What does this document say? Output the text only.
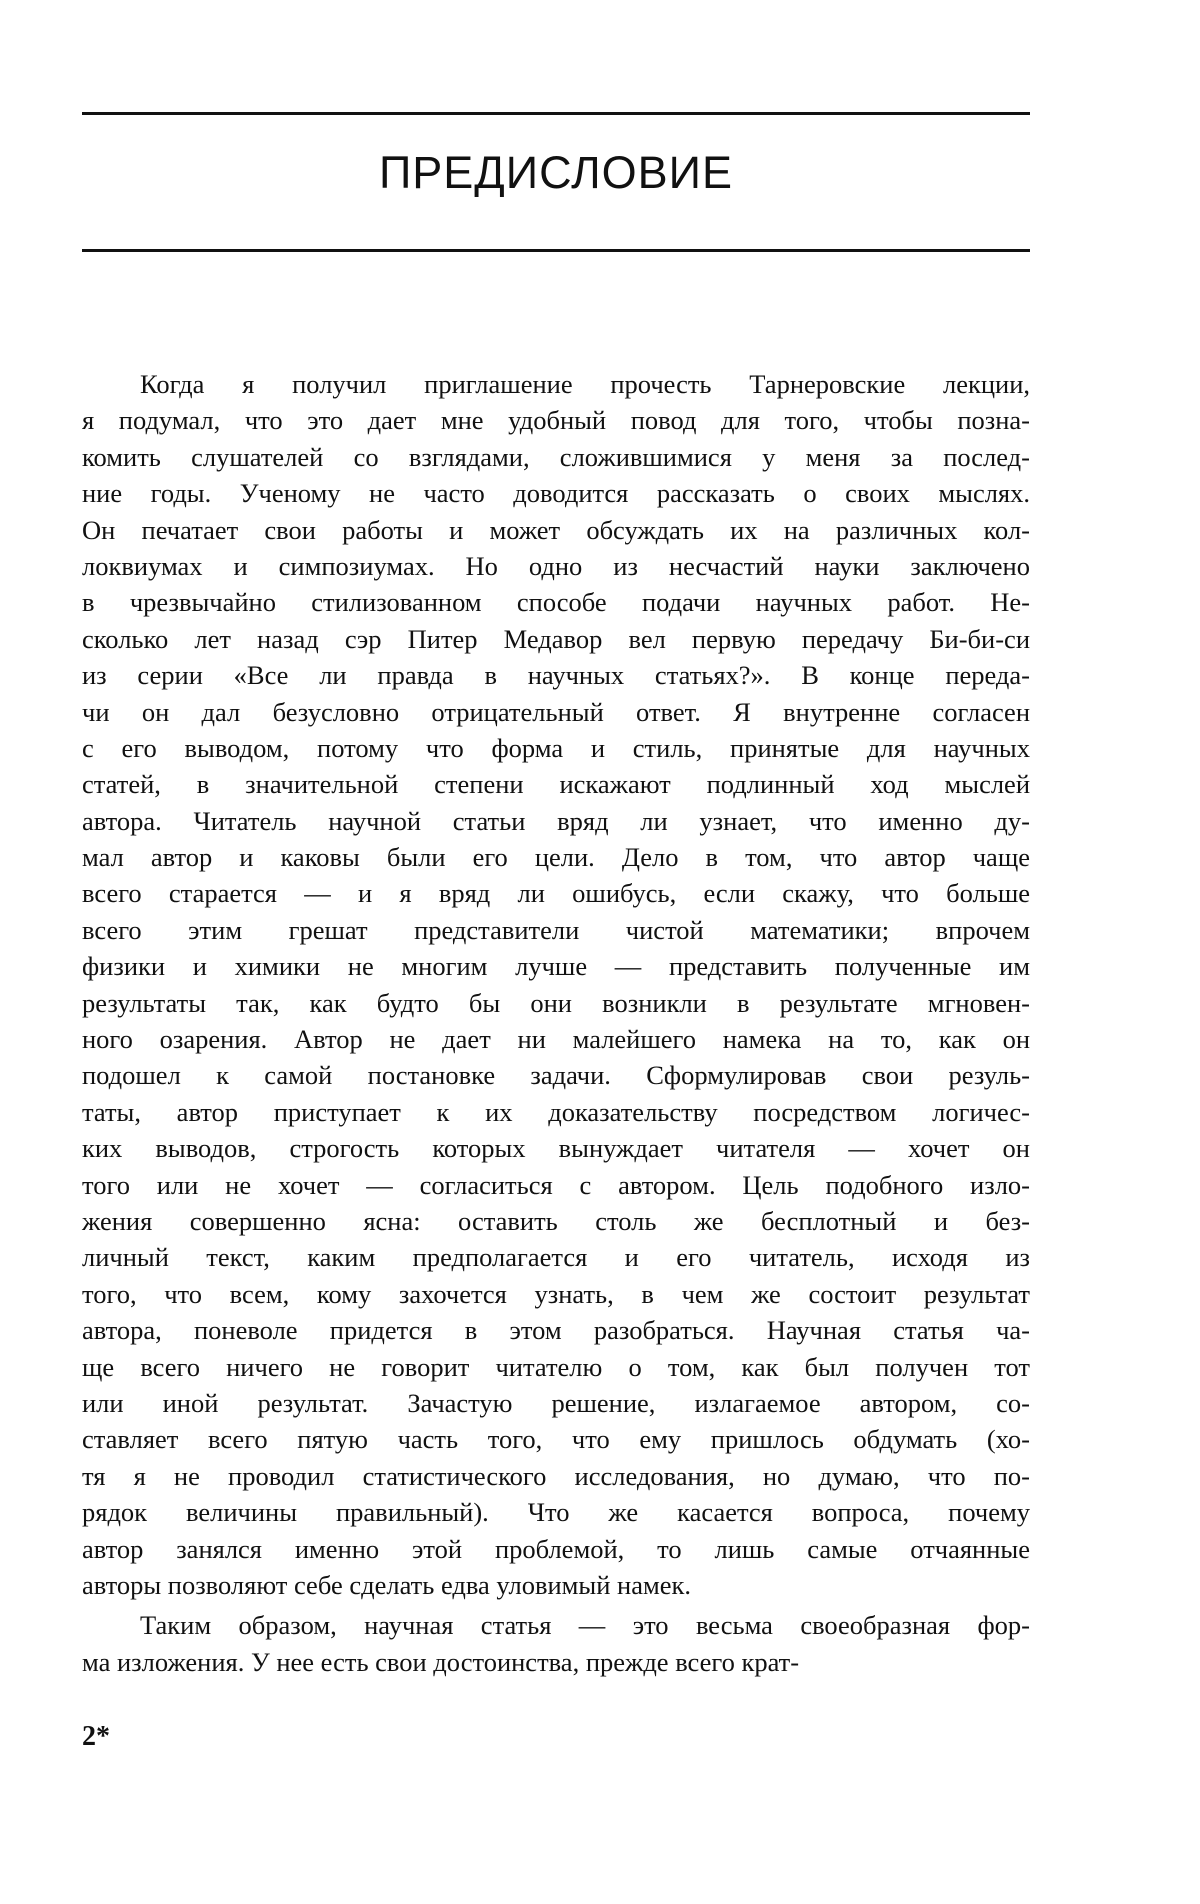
ПРЕДИСЛОВИЕ
Когда я получил приглашение прочесть Тарнеровские лекции,
я подумал, что это дает мне удобный повод для того, чтобы позна-
комить слушателей со взглядами, сложившимися у меня за послед-
ние годы. Ученому не часто доводится рассказать о своих мыслях.
Он печатает свои работы и может обсуждать их на различных кол-
локвиумах и симпозиумах. Но одно из несчастий науки заключено
в чрезвычайно стилизованном способе подачи научных работ. Не-
сколько лет назад сэр Питер Медавор вел первую передачу Би-би-си
из серии «Все ли правда в научных статьях?». В конце переда-
чи он дал безусловно отрицательный ответ. Я внутренне согласен
с его выводом, потому что форма и стиль, принятые для научных
статей, в значительной степени искажают подлинный ход мыслей
автора. Читатель научной статьи вряд ли узнает, что именно ду-
мал автор и каковы были его цели. Дело в том, что автор чаще
всего старается — и я вряд ли ошибусь, если скажу, что больше
всего этим грешат представители чистой математики; впрочем
физики и химики не многим лучше — представить полученные им
результаты так, как будто бы они возникли в результате мгновен-
ного озарения. Автор не дает ни малейшего намека на то, как он
подошел к самой постановке задачи. Сформулировав свои резуль-
таты, автор приступает к их доказательству посредством логичес-
ких выводов, строгость которых вынуждает читателя — хочет он
того или не хочет — согласиться с автором. Цель подобного изло-
жения совершенно ясна: оставить столь же бесплотный и без-
личный текст, каким предполагается и его читатель, исходя из
того, что всем, кому захочется узнать, в чем же состоит результат
автора, поневоле придется в этом разобраться. Научная статья ча-
ще всего ничего не говорит читателю о том, как был получен тот
или иной результат. Зачастую решение, излагаемое автором, со-
ставляет всего пятую часть того, что ему пришлось обдумать (хо-
тя я не проводил статистического исследования, но думаю, что по-
рядок величины правильный). Что же касается вопроса, почему
автор занялся именно этой проблемой, то лишь самые отчаянные
авторы позволяют себе сделать едва уловимый намек.
Таким образом, научная статья — это весьма своеобразная фор-
ма изложения. У нее есть свои достоинства, прежде всего крат-
2*
